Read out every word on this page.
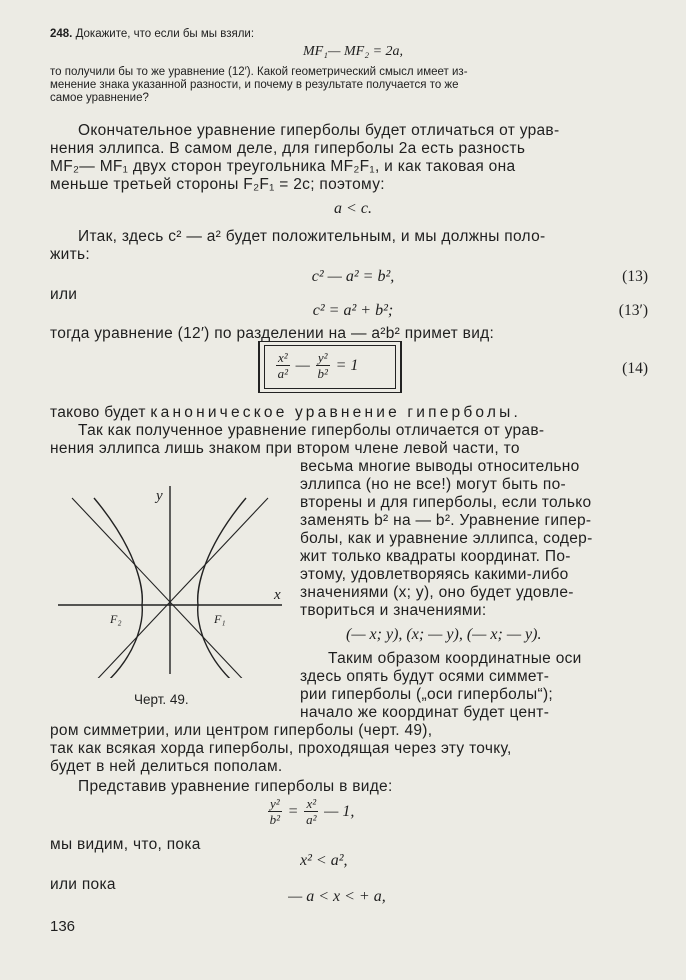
248. Докажите, что если бы мы взяли:
MF₁— MF₂ = 2a,
то получили бы то же уравнение (12′). Какой геометрический смысл имеет из-
менение знака указанной разности, и почему в результате получается то же
самое уравнение?
Окончательное уравнение гиперболы будет отличаться от урав-
нения эллипса. В самом деле, для гиперболы 2a есть разность
MF₂— MF₁ двух сторон треугольника MF₂F₁, и как таковая она
меньше третьей стороны F₂F₁ = 2c; поэтому:
a < c.
Итак, здесь c² — a² будет положительным, и мы должны поло-
жить:
c² — a² = b²,	(13)
или
c² = a² + b²;	(13′)
тогда уравнение (12′) по разделении на — a²b² примет вид:
$\frac{\text{x²}}{\text{a²}}$ — $\frac{\text{y²}}{\text{b²}} = 1$	(14)
таково будет каноническое уравнение гиперболы.
Так как полученное уравнение гиперболы отличается от урав-
нения эллипса лишь знаком при втором члене левой части, то
весьма многие выводы относительно
эллипса (но не все!) могут быть по-
вторены и для гиперболы, если только
заменять b² на — b². Уравнение гипер-
болы, как и уравнение эллипса, содер-
жит только квадраты координат. По-
этому, удовлетворяясь какими-либо
значениями (x; y), оно будет удовле-
твориться и значениями:
(— x; y), (x; — y), (— x; — y).
Таким образом координатные оси
здесь опять будут осями симмет-
рии гиперболы („оси гиперболы“);
начало же координат будет цент-
ром симметрии, или центром гиперболы (черт. 49),
так как всякая хорда гиперболы, проходящая через эту точку,
будет в ней делиться пополам.
y
x
F₂	F₁
Черт. 49.
Представив уравнение гиперболы в виде:
$\frac{\text{y²}}{\text{b²}} = \frac{\text{x²}}{\text{a²}}$ — 1,
мы видим, что, пока
x² < a²,
или пока
— a < x < + a,
136
